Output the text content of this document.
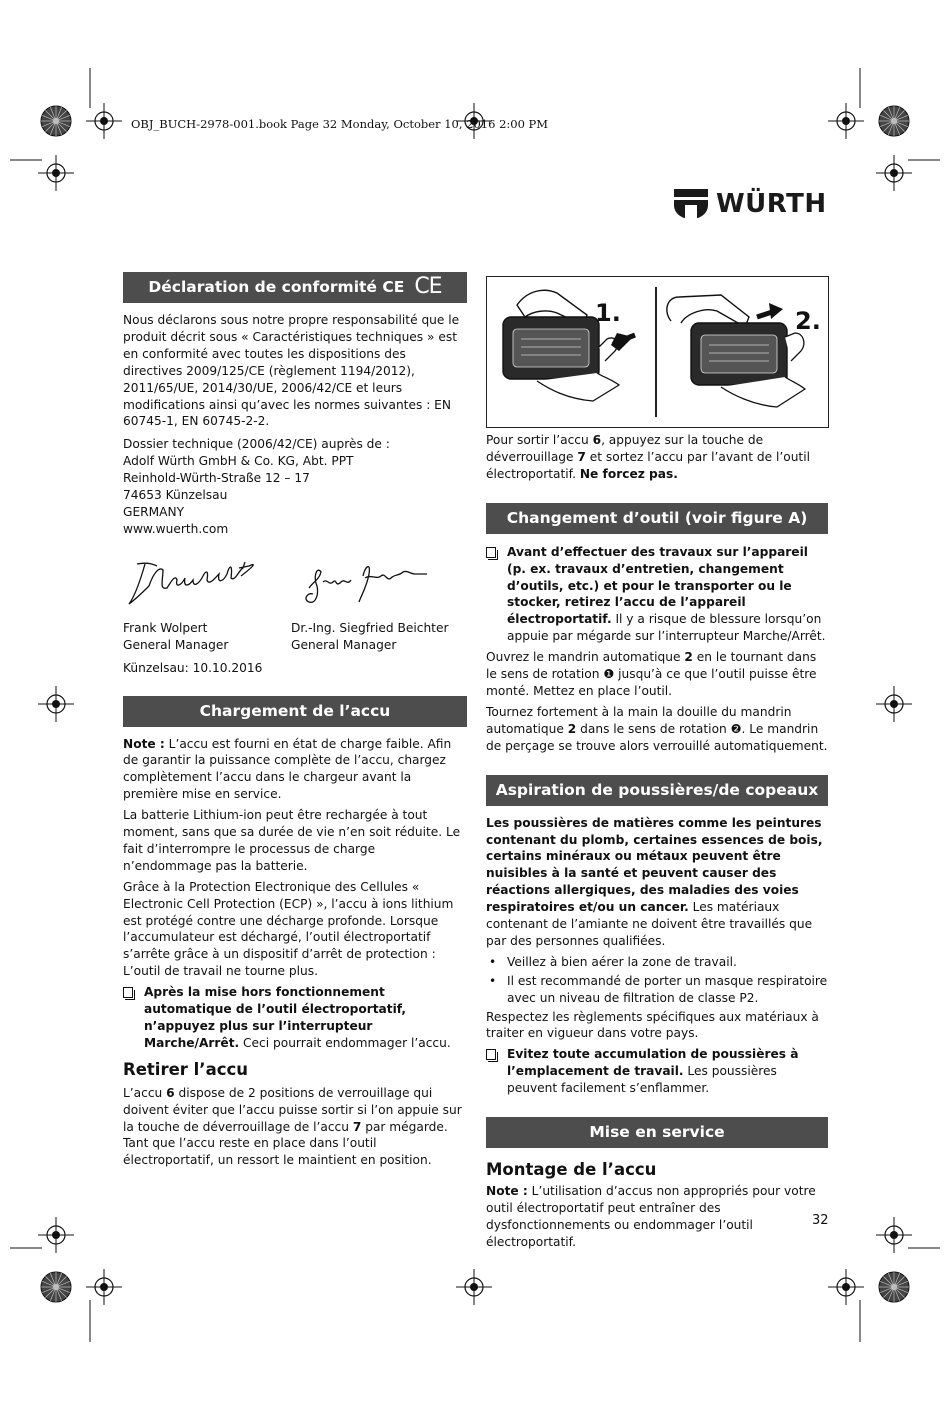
OBJ_BUCH-2978-001.book Page 32 Monday, October 10, 2016 2:00 PM
WÜRTH
Déclaration de conformité CE CE

Nous déclarons sous notre propre responsabilité que le produit décrit sous « Caractéristiques techniques » est en conformité avec toutes les dispositions des directives 2009/125/CE (règlement 1194/2012), 2011/65/UE, 2014/30/UE, 2006/42/CE et leurs modifications ainsi qu’avec les normes suivantes : EN 60745-1, EN 60745-2-2.

Dossier technique (2006/42/CE) auprès de :
Adolf Würth GmbH & Co. KG, Abt. PPT
Reinhold-Würth-Straße 12 – 17
74653 Künzelsau
GERMANY
www.wuerth.com
Frank Wolpert
General Manager
Dr.-Ing. Siegfried Beichter
General Manager

Künzelsau: 10.10.2016

Chargement de l’accu

Note : L’accu est fourni en état de charge faible. Afin de garantir la puissance complète de l’accu, chargez complètement l’accu dans le chargeur avant la première mise en service.

La batterie Lithium-ion peut être rechargée à tout moment, sans que sa durée de vie n’en soit réduite. Le fait d’interrompre le processus de charge n’endommage pas la batterie.

Grâce à la Protection Electronique des Cellules « Electronic Cell Protection (ECP) », l’accu à ions lithium est protégé contre une décharge profonde. Lorsque l’accumulateur est déchargé, l’outil électroportatif s’arrête grâce à un dispositif d’arrêt de protection : L’outil de travail ne tourne plus.

Après la mise hors fonctionnement automatique de l’outil électroportatif, n’appuyez plus sur l’interrupteur Marche/Arrêt. Ceci pourrait endommager l’accu.
Retirer l’accu

L’accu 6 dispose de 2 positions de verrouillage qui doivent éviter que l’accu puisse sortir si l’on appuie sur la touche de déverrouillage de l’accu 7 par mégarde. Tant que l’accu reste en place dans l’outil électroportatif, un ressort le maintient en position.

1.	2.

Pour sortir l’accu 6, appuyez sur la touche de déverrouillage 7 et sortez l’accu par l’avant de l’outil électroportatif. Ne forcez pas.

Changement d’outil (voir figure A)
Avant d’effectuer des travaux sur l’appareil (p. ex. travaux d’entretien, changement d’outils, etc.) et pour le transporter ou le stocker, retirez l’accu de l’appareil électroportatif. Il y a risque de blessure lorsqu’on appuie par mégarde sur l’interrupteur Marche/Arrêt.

Ouvrez le mandrin automatique 2 en le tournant dans le sens de rotation ❶ jusqu’à ce que l’outil puisse être monté. Mettez en place l’outil.

Tournez fortement à la main la douille du mandrin automatique 2 dans le sens de rotation ❷. Le mandrin de perçage se trouve alors verrouillé automatiquement.

Aspiration de poussières/de copeaux

Les poussières de matières comme les peintures contenant du plomb, certaines essences de bois, certains minéraux ou métaux peuvent être nuisibles à la santé et peuvent causer des réactions allergiques, des maladies des voies respiratoires et/ou un cancer. Les matériaux contenant de l’amiante ne doivent être travaillés que par des personnes qualifiées.

• Veillez à bien aérer la zone de travail.
• Il est recommandé de porter un masque respiratoire avec un niveau de filtration de classe P2.

Respectez les règlements spécifiques aux matériaux à traiter en vigueur dans votre pays.

Evitez toute accumulation de poussières à l’emplacement de travail. Les poussières peuvent facilement s’enflammer.
Mise en service
Montage de l’accu

Note : L’utilisation d’accus non appropriés pour votre outil électroportatif peut entraîner des dysfonctionnements ou endommager l’outil électroportatif.

32
